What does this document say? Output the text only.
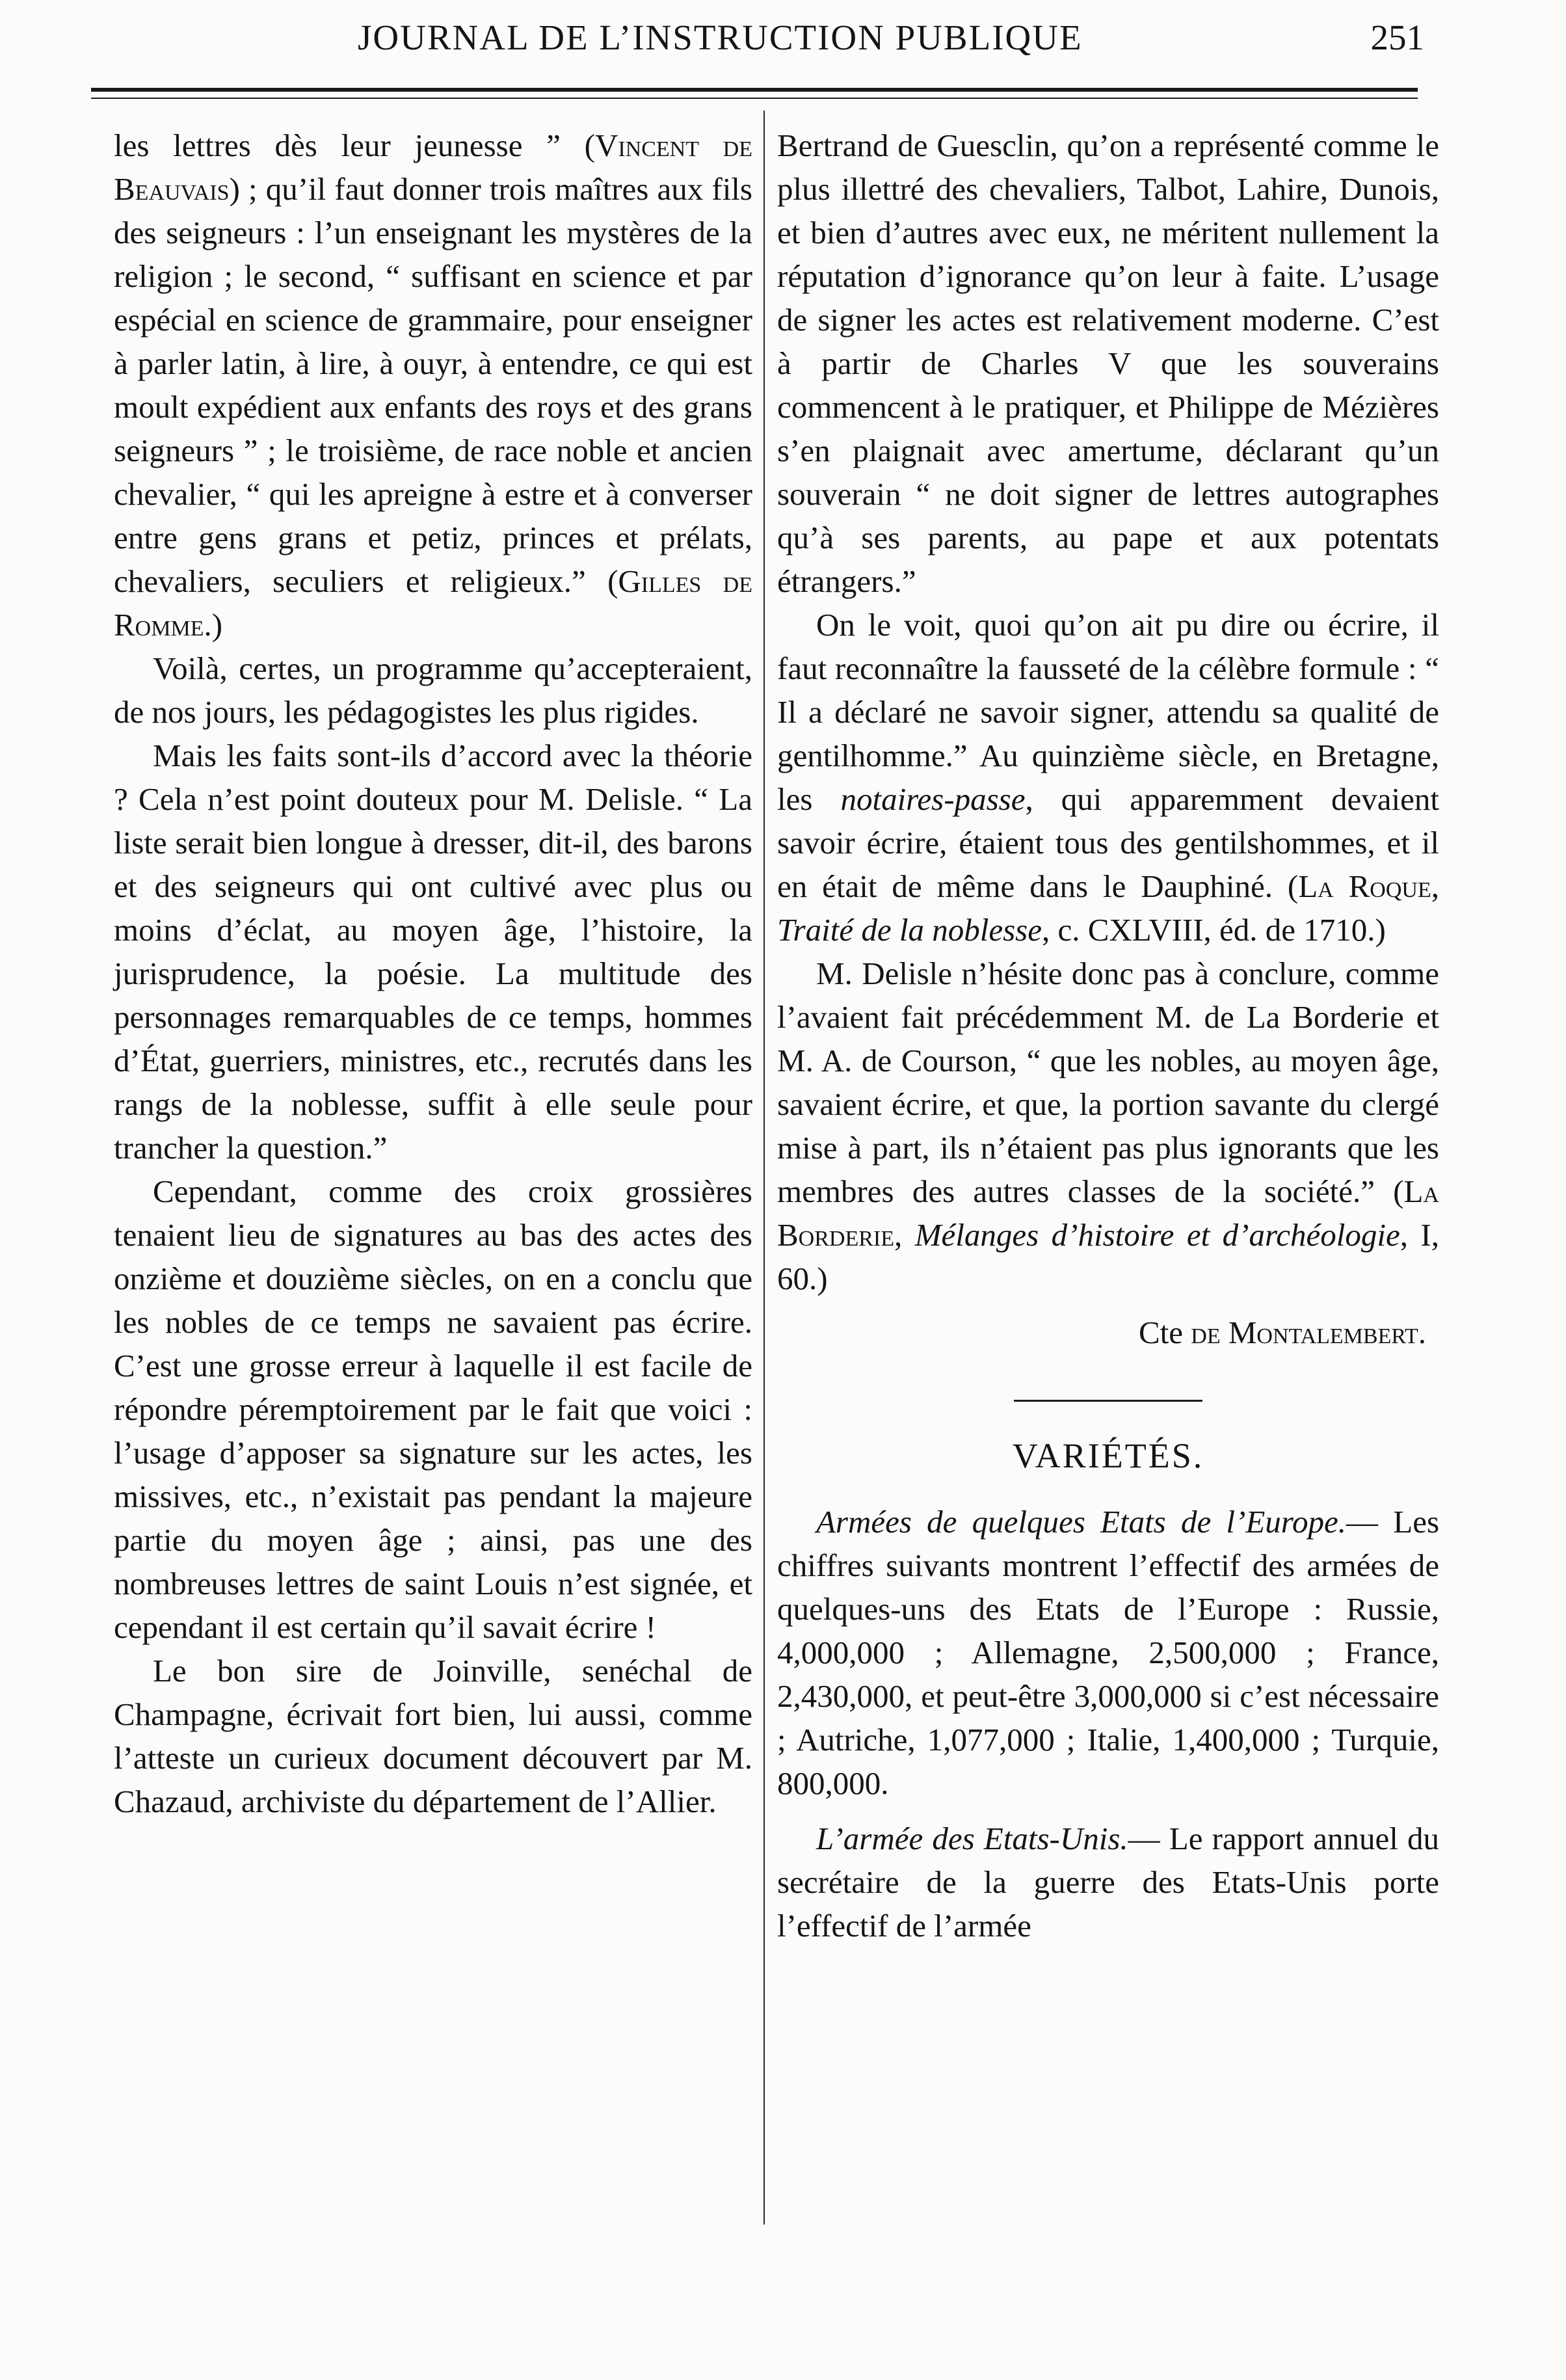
JOURNAL DE L’INSTRUCTION PUBLIQUE	251

les lettres dès leur jeunesse ” (Vincent de Beauvais) ; qu’il faut donner trois maîtres aux fils des seigneurs : l’un enseignant les mystères de la religion ; le second, “ suffisant en science et par espécial en science de grammaire, pour enseigner à parler latin, à lire, à ouyr, à entendre, ce qui est moult expédient aux enfants des roys et des grans seigneurs ” ; le troisième, de race noble et ancien chevalier, “ qui les apreigne à estre et à converser entre gens grans et petiz, princes et prélats, chevaliers, seculiers et religieux.” (Gilles de Romme.)

Voilà, certes, un programme qu’accepteraient, de nos jours, les pédagogistes les plus rigides.

Mais les faits sont-ils d’accord avec la théorie ? Cela n’est point douteux pour M. Delisle. “ La liste serait bien longue à dresser, dit-il, des barons et des seigneurs qui ont cultivé avec plus ou moins d’éclat, au moyen âge, l’histoire, la jurisprudence, la poésie. La multitude des personnages remarquables de ce temps, hommes d’État, guerriers, ministres, etc., recrutés dans les rangs de la noblesse, suffit à elle seule pour trancher la question.”

Cependant, comme des croix grossières tenaient lieu de signatures au bas des actes des onzième et douzième siècles, on en a conclu que les nobles de ce temps ne savaient pas écrire. C’est une grosse erreur à laquelle il est facile de répondre péremptoirement par le fait que voici : l’usage d’apposer sa signature sur les actes, les missives, etc., n’existait pas pendant la majeure partie du moyen âge ; ainsi, pas une des nombreuses lettres de saint Louis n’est signée, et cependant il est certain qu’il savait écrire !

Le bon sire de Joinville, senéchal de Champagne, écrivait fort bien, lui aussi, comme l’atteste un curieux document découvert par M. Chazaud, archiviste du département de l’Allier.

Bertrand de Guesclin, qu’on a représenté comme le plus illettré des chevaliers, Talbot, Lahire, Dunois, et bien d’autres avec eux, ne méritent nullement la réputation d’ignorance qu’on leur à faite. L’usage de signer les actes est relativement moderne. C’est à partir de Charles V que les souverains commencent à le pratiquer, et Philippe de Mézières s’en plaignait avec amertume, déclarant qu’un souverain “ ne doit signer de lettres autographes qu’à ses parents, au pape et aux potentats étrangers.”

On le voit, quoi qu’on ait pu dire ou écrire, il faut reconnaître la fausseté de la célèbre formule : “ Il a déclaré ne savoir signer, attendu sa qualité de gentilhomme.” Au quinzième siècle, en Bretagne, les notaires-passe, qui apparemment devaient savoir écrire, étaient tous des gentilshommes, et il en était de même dans le Dauphiné. (La Roque, Traité de la noblesse, c. CXLVIII, éd. de 1710.)

M. Delisle n’hésite donc pas à conclure, comme l’avaient fait précédemment M. de La Borderie et M. A. de Courson, “ que les nobles, au moyen âge, savaient écrire, et que, la portion savante du clergé mise à part, ils n’étaient pas plus ignorants que les membres des autres classes de la société.” (La Borderie, Mélanges d’histoire et d’archéologie, I, 60.)

Cte de Montalembert.

VARIÉTÉS.

Armées de quelques Etats de l’Europe.— Les chiffres suivants montrent l’effectif des armées de quelques-uns des Etats de l’Europe : Russie, 4,000,000 ; Allemagne, 2,500,000 ; France, 2,430,000, et peut-être 3,000,000 si c’est nécessaire ; Autriche, 1,077,000 ; Italie, 1,400,000 ; Turquie, 800,000.

L’armée des Etats-Unis.— Le rapport annuel du secrétaire de la guerre des Etats-Unis porte l’effectif de l’armée
